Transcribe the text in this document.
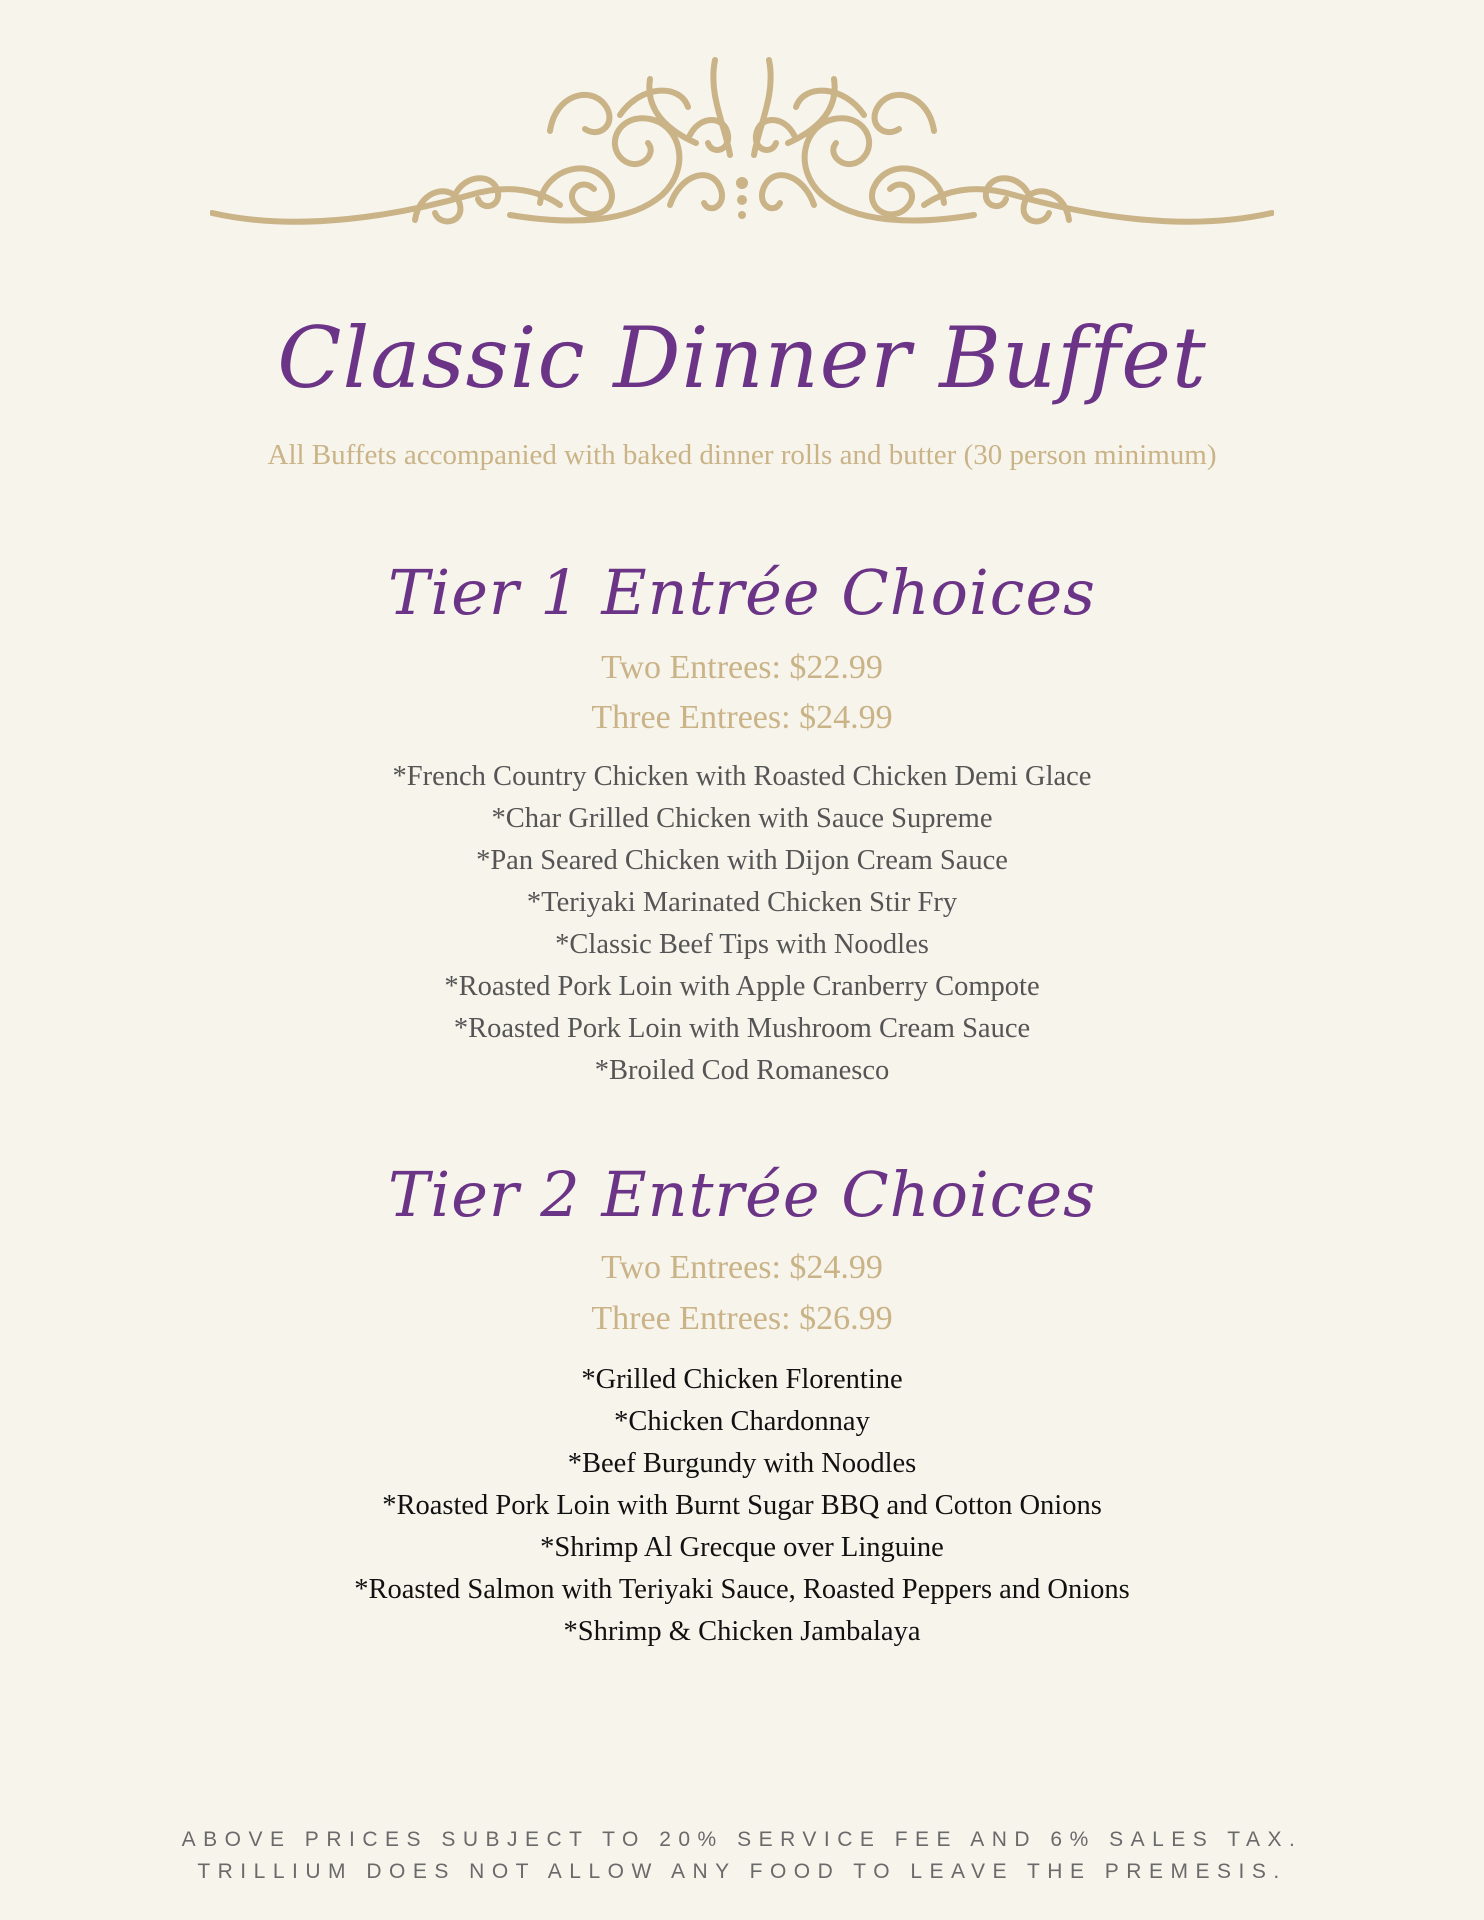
Classic Dinner Buffet
All Buffets accompanied with baked dinner rolls and butter (30 person minimum)
Tier 1 Entrée Choices
Two Entrees: $22.99
Three Entrees: $24.99
*French Country Chicken with Roasted Chicken Demi Glace
*Char Grilled Chicken with Sauce Supreme
*Pan Seared Chicken with Dijon Cream Sauce
*Teriyaki Marinated Chicken Stir Fry
*Classic Beef Tips with Noodles
*Roasted Pork Loin with Apple Cranberry Compote
*Roasted Pork Loin with Mushroom Cream Sauce
*Broiled Cod Romanesco
Tier 2 Entrée Choices
Two Entrees: $24.99
Three Entrees: $26.99
*Grilled Chicken Florentine
*Chicken Chardonnay
*Beef Burgundy with Noodles
*Roasted Pork Loin with Burnt Sugar BBQ and Cotton Onions
*Shrimp Al Grecque over Linguine
*Roasted Salmon with Teriyaki Sauce, Roasted Peppers and Onions
*Shrimp & Chicken Jambalaya
ABOVE PRICES SUBJECT TO 20% SERVICE FEE AND 6% SALES TAX.
TRILLIUM DOES NOT ALLOW ANY FOOD TO LEAVE THE PREMESIS.
